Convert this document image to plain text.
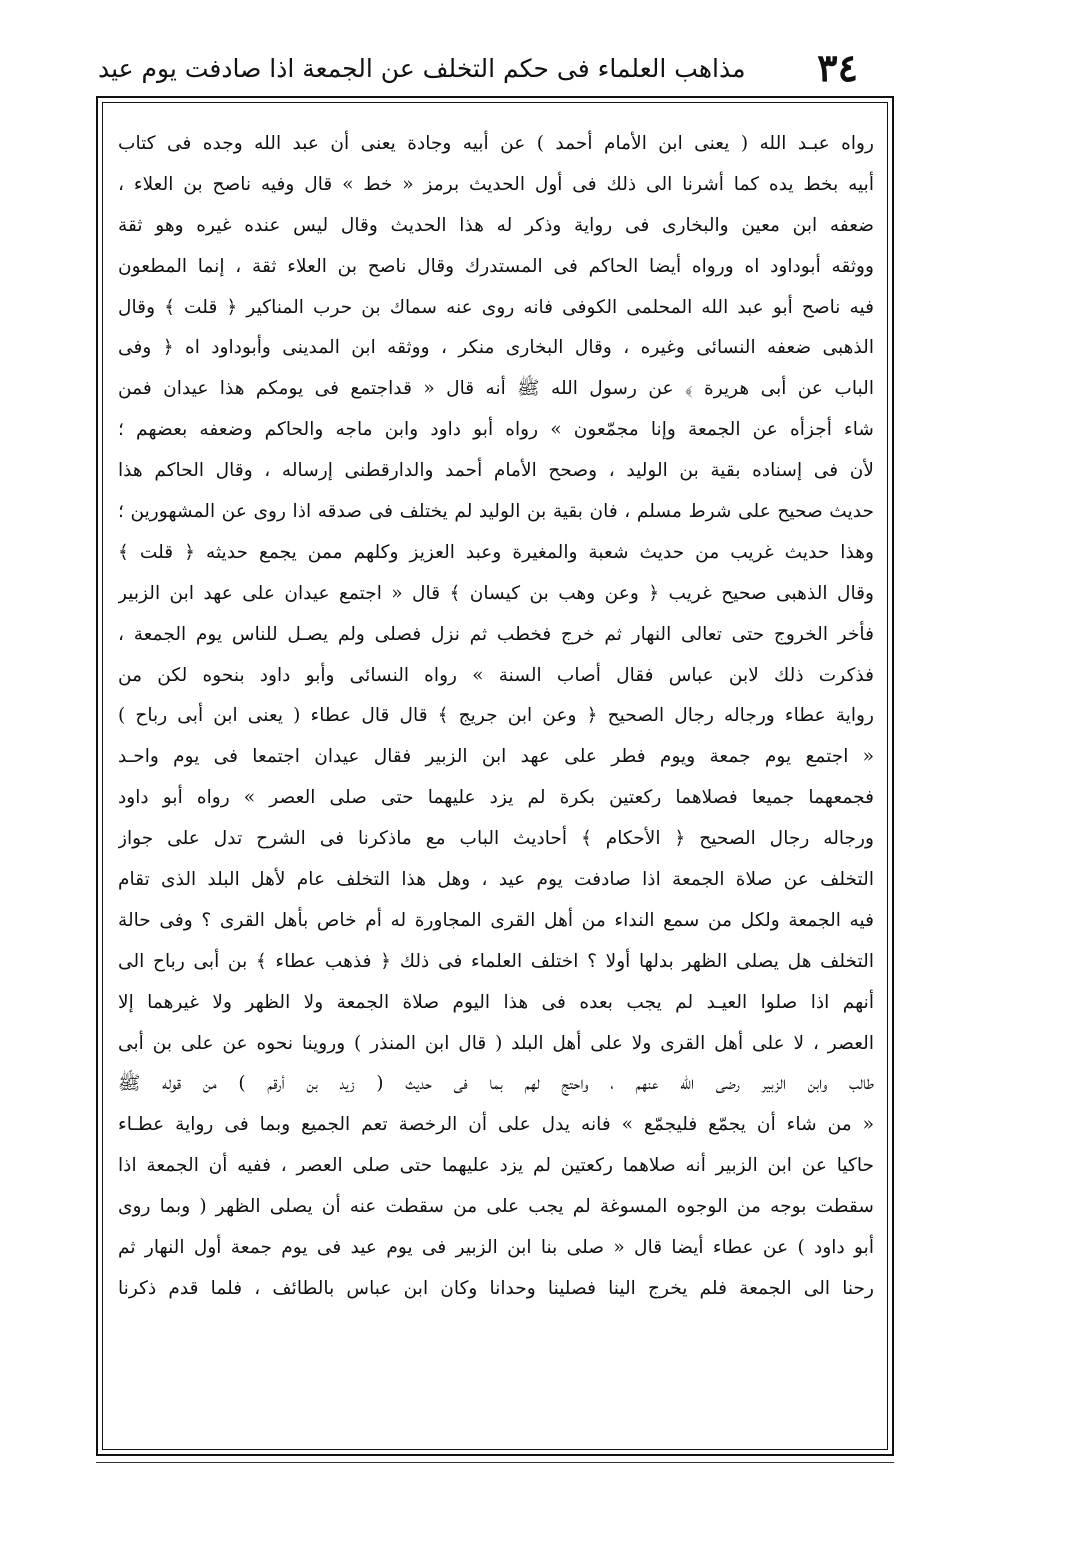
٣٤
مذاهب العلماء فى حكم التخلف عن الجمعة اذا صادفت يوم عيد
رواه عبـد الله ( يعنى ابن الأمام أحمد ) عن أبيه وجادة يعنى أن عبد الله وجده فى كتاب
أبيه بخط يده كما أشرنا الى ذلك فى أول الحديث برمز « خط » قال وفيه ناصح بن العلاء ،
ضعفه ابن معين والبخارى فى رواية وذكر له هذا الحديث وقال ليس عنده غيره وهو ثقة
ووثقه أبوداود اه ورواه أيضا الحاكم فى المستدرك وقال ناصح بن العلاء ثقة ، إنما المطعون
فيه ناصح أبو عبد الله المحلمى الكوفى فانه روى عنه سماك بن حرب المناكير ﴿ قلت ﴾ وقال
الذهبى ضعفه النسائى وغيره ، وقال البخارى منكر ، ووثقه ابن المدينى وأبوداود اه ﴿ وفى
الباب عن أبى هريرة ﴾ عن رسول الله ﷺ أنه قال « قداجتمع فى يومكم هذا عيدان فمن
شاء أجزأه عن الجمعة وإنا مجمّعون » رواه أبو داود وابن ماجه والحاكم وضعفه بعضهم ؛
لأن فى إسناده بقية بن الوليد ، وصحح الأمام أحمد والدارقطنى إرساله ، وقال الحاكم هذا
حديث صحيح على شرط مسلم ، فان بقية بن الوليد لم يختلف فى صدقه اذا روى عن المشهورين ؛
وهذا حديث غريب من حديث شعبة والمغيرة وعبد العزيز وكلهم ممن يجمع حديثه ﴿ قلت ﴾
وقال الذهبى صحيح غريب ﴿ وعن وهب بن كيسان ﴾ قال « اجتمع عيدان على عهد ابن الزبير
فأخر الخروج حتى تعالى النهار ثم خرج فخطب ثم نزل فصلى ولم يصـل للناس يوم الجمعة ،
فذكرت ذلك لابن عباس فقال أصاب السنة » رواه النسائى وأبو داود بنحوه لكن من
رواية عطاء ورجاله رجال الصحيح ﴿ وعن ابن جريج ﴾ قال قال عطاء ( يعنى ابن أبى رباح )
« اجتمع يوم جمعة ويوم فطر على عهد ابن الزبير فقال عيدان اجتمعا فى يوم واحـد
فجمعهما جميعا فصلاهما ركعتين بكرة لم يزد عليهما حتى صلى العصر » رواه أبو داود
ورجاله رجال الصحيح ﴿ الأحكام ﴾ أحاديث الباب مع ماذكرنا فى الشرح تدل على جواز
التخلف عن صلاة الجمعة اذا صادفت يوم عيد ، وهل هذا التخلف عام لأهل البلد الذى تقام
فيه الجمعة ولكل من سمع النداء من أهل القرى المجاورة له أم خاص بأهل القرى ؟ وفى حالة
التخلف هل يصلى الظهر بدلها أولا ؟ اختلف العلماء فى ذلك ﴿ فذهب عطاء ﴾ بن أبى رباح الى
أنهم اذا صلوا العيـد لم يجب بعده فى هذا اليوم صلاة الجمعة ولا الظهر ولا غيرهما إلا
العصر ، لا على أهل القرى ولا على أهل البلد ( قال ابن المنذر ) وروينا نحوه عن على بن أبى
طالب وابن الزبير رضى الله عنهم ، واحتج لهم بما فى حديث ( زيد بن أرقم ) من قوله ﷺ
« من شاء أن يجمّع فليجمّع » فانه يدل على أن الرخصة تعم الجميع وبما فى رواية عطـاء
حاكيا عن ابن الزبير أنه صلاهما ركعتين لم يزد عليهما حتى صلى العصر ، ففيه أن الجمعة اذا
سقطت بوجه من الوجوه المسوغة لم يجب على من سقطت عنه أن يصلى الظهر ( وبما روى
أبو داود ) عن عطاء أيضا قال « صلى بنا ابن الزبير فى يوم عيد فى يوم جمعة أول النهار ثم
رحنا الى الجمعة فلم يخرج الينا فصلينا وحدانا وكان ابن عباس بالطائف ، فلما قدم ذكرنا
